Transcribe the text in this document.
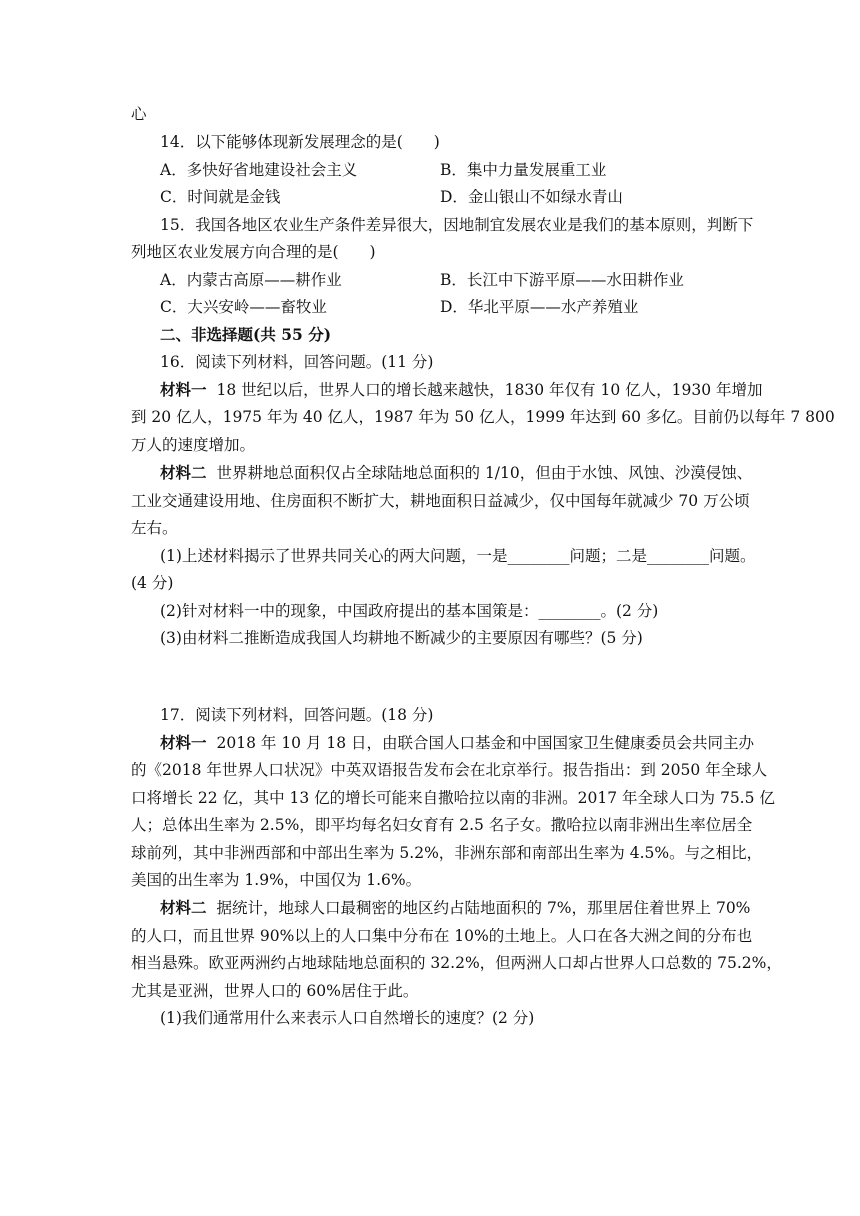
心
14．以下能够体现新发展理念的是(　　)
A．多快好省地建设社会主义	B．集中力量发展重工业
C．时间就是金钱	D．金山银山不如绿水青山
15．我国各地区农业生产条件差异很大，因地制宜发展农业是我们的基本原则，判断下
列地区农业发展方向合理的是(　　)
A．内蒙古高原——耕作业	B．长江中下游平原——水田耕作业
C．大兴安岭——畜牧业	D．华北平原——水产养殖业
二、非选择题(共 55 分)
16．阅读下列材料，回答问题。(11 分)
材料一 18 世纪以后，世界人口的增长越来越快，1830 年仅有 10 亿人，1930 年增加
到 20 亿人，1975 年为 40 亿人，1987 年为 50 亿人，1999 年达到 60 多亿。目前仍以每年 7 800
万人的速度增加。
材料二 世界耕地总面积仅占全球陆地总面积的 1/10，但由于水蚀、风蚀、沙漠侵蚀、
工业交通建设用地、住房面积不断扩大，耕地面积日益减少，仅中国每年就减少 70 万公顷
左右。
(1)上述材料揭示了世界共同关心的两大问题，一是________问题；二是________问题。
(4 分)
(2)针对材料一中的现象，中国政府提出的基本国策是：________。(2 分)
(3)由材料二推断造成我国人均耕地不断减少的主要原因有哪些？(5 分)
17．阅读下列材料，回答问题。(18 分)
材料一 2018 年 10 月 18 日，由联合国人口基金和中国国家卫生健康委员会共同主办
的《2018 年世界人口状况》中英双语报告发布会在北京举行。报告指出：到 2050 年全球人
口将增长 22 亿，其中 13 亿的增长可能来自撒哈拉以南的非洲。2017 年全球人口为 75.5 亿
人；总体出生率为 2.5%，即平均每名妇女育有 2.5 名子女。撒哈拉以南非洲出生率位居全
球前列，其中非洲西部和中部出生率为 5.2%，非洲东部和南部出生率为 4.5%。与之相比，
美国的出生率为 1.9%，中国仅为 1.6%。
材料二 据统计，地球人口最稠密的地区约占陆地面积的 7%，那里居住着世界上 70%
的人口，而且世界 90%以上的人口集中分布在 10%的土地上。人口在各大洲之间的分布也
相当悬殊。欧亚两洲约占地球陆地总面积的 32.2%，但两洲人口却占世界人口总数的 75.2%，
尤其是亚洲，世界人口的 60%居住于此。
(1)我们通常用什么来表示人口自然增长的速度？(2 分)
